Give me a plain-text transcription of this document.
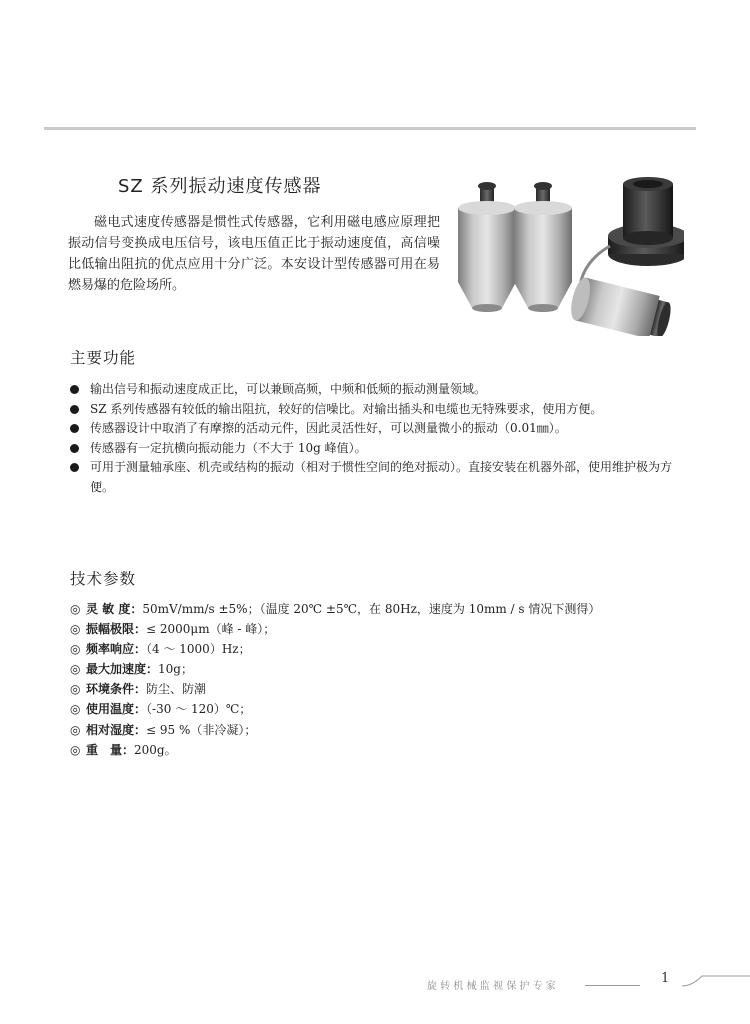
SZ 系列振动速度传感器

磁电式速度传感器是惯性式传感器，它利用磁电感应原理把振动信号变换成电压信号，该电压值正比于振动速度值，高信噪比低输出阻抗的优点应用十分广泛。本安设计型传感器可用在易燃易爆的危险场所。

主要功能
输出信号和振动速度成正比，可以兼顾高频，中频和低频的振动测量领域。
SZ 系列传感器有较低的输出阻抗，较好的信噪比。对输出插头和电缆也无特殊要求，使用方便。
传感器设计中取消了有摩擦的活动元件，因此灵活性好，可以测量微小的振动（0.01㎜）。
传感器有一定抗横向振动能力（不大于 10g 峰值）。
可用于测量轴承座、机壳或结构的振动（相对于惯性空间的绝对振动）。直接安装在机器外部，使用维护极为方便。
技术参数
◎ 灵 敏 度：50mV/mm/s ±5%；（温度 20℃ ±5℃，在 80Hz，速度为 10mm / s 情况下测得）
◎ 振幅极限：≤ 2000μm（峰 - 峰）；
◎ 频率响应：（4 ～ 1000）Hz；
◎ 最大加速度：10g；
◎ 环境条件：防尘、防潮
◎ 使用温度：（-30 ～ 120）℃；
◎ 相对湿度：≤ 95 %（非冷凝）；
◎ 重　量：200g。
旋转机械监视保护专家
1
